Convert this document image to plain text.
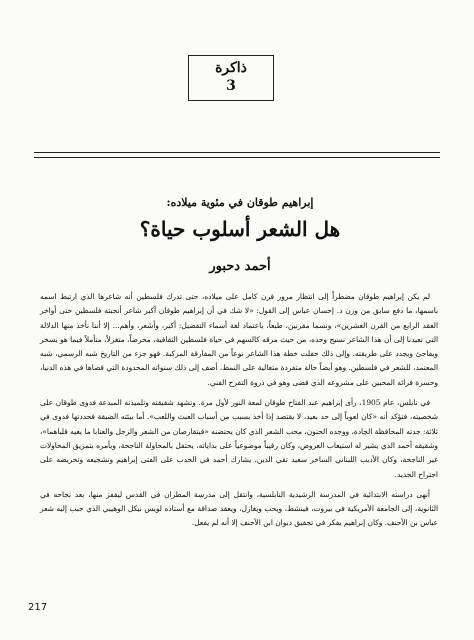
ذاكرة
3
إبراهيم طوقان في مئوية ميلاده:
هل الشعر أسلوب حياة؟
أحمد دحبور

لم يكن إبراهيم طوقان مضطراً إلى انتظار مرور قرن كامل على ميلاده، حتى تدرك فلسطين أنه شاعرها الذي ارتبط اسمه باسمها، ما دفع سابق من وزن د. إحسان عباس إلى القول: «لا شك في أن إبراهيم طوقان أكبر شاعر أنجبته فلسطين حتى أواخر العقد الرابع من القرن العشرين»، ونسما مقرنين، طبعاً، باعتماد لغة أسماء التفضيل: أكبر، وأشعر، وأهم... إلا أننا نأخذ منها الدلالة التي تعيدنا إلى أن هذا الشاعر نسيج وحده، من حيث مرقه كالسهم في حياة فلسطين الثقافية، محرضاً، متغزلاً، متأملاً فيما هو يسخر ويفاجئ ويجدد على طريقته. وإلى ذلك حفلت خطة هذا الشاعر نوعاً من المفارقة المركبة. فهو جزء من التاريخ شبه الرسمي، شبه المعتمد، للشعر في فلسطين. وهو أيضاً حالة متفردة متعالية على النمط. أضف إلى ذلك سنواته المحدودة التي قضاها في هذه الدنيا، وحسرة قرائه المحبين على مشروعه الذي قضى وهو في ذروة التفرح الفني.

في نابلس، عام 1905، رأى إبراهيم عبد الفتاح طوقان لمعة النور لأول مرة. وتشهد شقيقته وتلميذته المبدعة فدوى طوقان على شخصيته، فتؤكد أنه «كان لعوباً إلى حد بعيد، لا يقتصد إذا أخذ بسبب من أسباب العبث واللعب». أما بيئته الضيقة فحددتها فدوى في ثلاثة: جدته المحافظة الجادة، ووجده الحنون، محب الشعر الذي كان يحتضنه «فيتقارصان من الشعر والزجل والعتابا ما يعيه قلباهما»، وشقيقه أحمد الذي يشير له استيعاب العروض، وكان رقيباً موضوعياً على بداياته، يحتفل بالمحاولة الناجحة، ويأمره بتمزيق المحاولات غير الناجحة، وكان الأديب اللبناني الساخر سعيد تقي الدين، يشارك أحمد في الحدب على الفتى إبراهيم وتشجيعه وتحريضه على اجتراح الجديد.

أنهى دراسته الابتدائية في المدرسة الرشيدية النابلسية، وانتقل إلى مدرسة المطران في القدس ليقفز منها، بعد نجاحه في الثانوية، إلى الجامعة الأمريكية في بيروت، فينشط، ويحب ويغازل، ويعقد صداقة مع أستاذه لويس نيكل الوهيبي الذي حبب إليه شعر عباس بن الأحنف. وكان إبراهيم يفكر في تحقيق ديوان ابن الأحنف إلا أنه لم يفعل.

217
